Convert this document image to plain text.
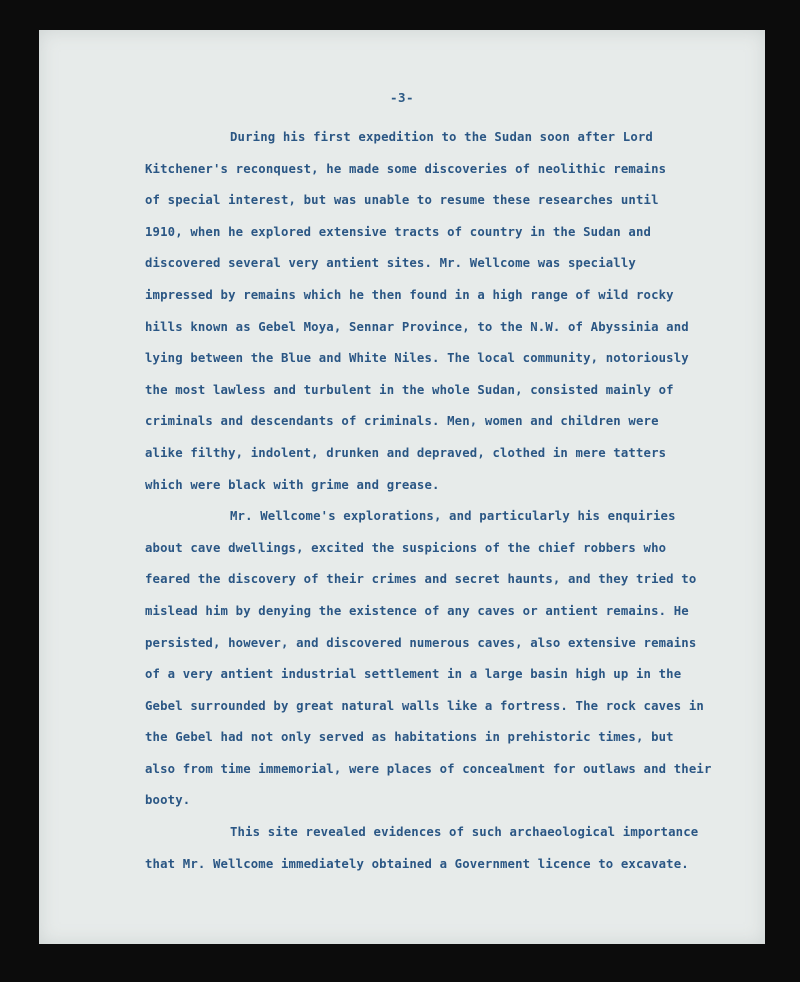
-3-

During his first expedition to the Sudan soon after Lord
Kitchener's reconquest, he made some discoveries of neolithic remains
of special interest, but was unable to resume these researches until
1910, when he explored extensive tracts of country in the Sudan and
discovered several very antient sites. Mr. Wellcome was specially
impressed by remains which he then found in a high range of wild rocky
hills known as Gebel Moya, Sennar Province, to the N.W. of Abyssinia and
lying between the Blue and White Niles. The local community, notoriously
the most lawless and turbulent in the whole Sudan, consisted mainly of
criminals and descendants of criminals. Men, women and children were
alike filthy, indolent, drunken and depraved, clothed in mere tatters
which were black with grime and grease.

Mr. Wellcome's explorations, and particularly his enquiries
about cave dwellings, excited the suspicions of the chief robbers who
feared the discovery of their crimes and secret haunts, and they tried to
mislead him by denying the existence of any caves or antient remains. He
persisted, however, and discovered numerous caves, also extensive remains
of a very antient industrial settlement in a large basin high up in the
Gebel surrounded by great natural walls like a fortress. The rock caves in
the Gebel had not only served as habitations in prehistoric times, but
also from time immemorial, were places of concealment for outlaws and their
booty.

This site revealed evidences of such archaeological importance
that Mr. Wellcome immediately obtained a Government licence to excavate.
